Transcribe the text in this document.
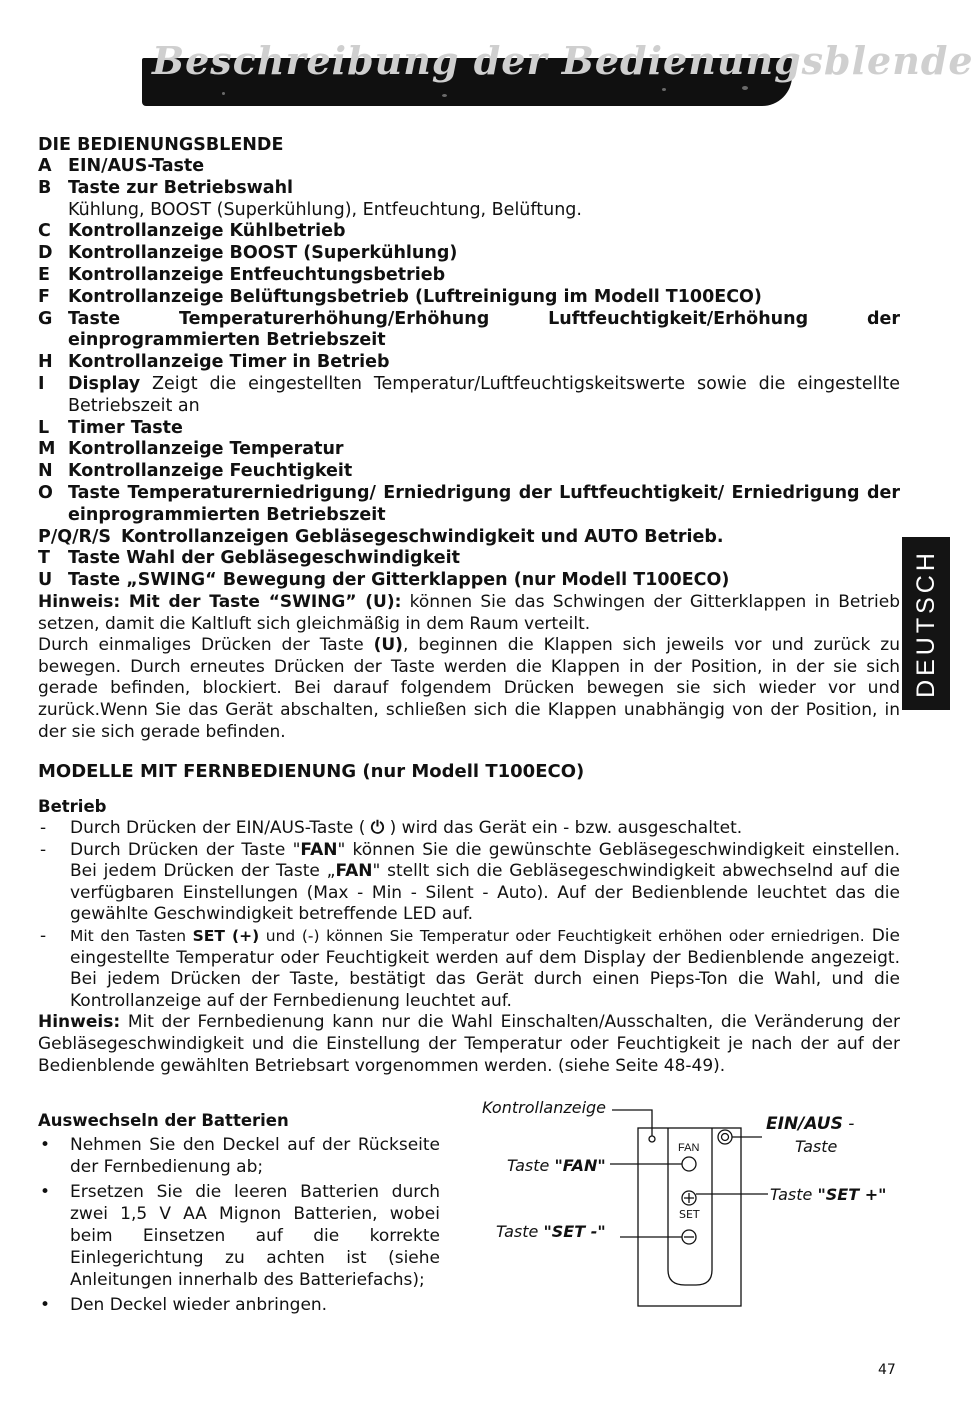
Beschreibung der Bedienungsblende
DEUTSCH

DIE BEDIENUNGSBLENDE

A EIN/AUS-Taste
B Taste zur Betriebswahl
Kühlung, BOOST (Superkühlung), Entfeuchtung, Belüftung.
C Kontrollanzeige Kühlbetrieb
D Kontrollanzeige BOOST (Superkühlung)
E	Kontrollanzeige Entfeuchtungsbetrieb
F	Kontrollanzeige Belüftungsbetrieb (Luftreinigung im Modell T100ECO)
G Taste Temperaturerhöhung/Erhöhung Luftfeuchtigkeit/Erhöhung der einprogrammierten Betriebszeit
H Kontrollanzeige Timer in Betrieb
I	Display Zeigt die eingestellten Temperatur/Luftfeuchtigskeitswerte sowie die eingestellte Betriebszeit an
L	Timer Taste
M Kontrollanzeige Temperatur
N Kontrollanzeige Feuchtigkeit
O Taste Temperaturerniedrigung/ Erniedrigung der Luftfeuchtigkeit/ Erniedrigung der einprogrammierten Betriebszeit
P/Q/R/S Kontrollanzeigen Gebläsegeschwindigkeit und AUTO Betrieb.
T	Taste Wahl der Gebläsegeschwindigkeit
U Taste „SWING“ Bewegung der Gitterklappen (nur Modell T100ECO)

Hinweis: Mit der Taste “SWING” (U): können Sie das Schwingen der Gitterklappen in Betrieb setzen, damit die Kaltluft sich gleichmäßig in dem Raum verteilt.

Durch einmaliges Drücken der Taste (U), beginnen die Klappen sich jeweils vor und zurück zu bewegen. Durch erneutes Drücken der Taste werden die Klappen in der Position, in der sie sich gerade befinden, blockiert. Bei darauf folgendem Drücken bewegen sie sich wieder vor und zurück.Wenn Sie das Gerät abschalten, schließen sich die Klappen unabhängig von der Position, in der sie sich gerade befinden.

MODELLE MIT FERNBEDIENUNG (nur Modell T100ECO)

Betrieb

-	Durch Drücken der EIN/AUS-Taste ( ⏻ ) wird das Gerät ein - bzw. ausgeschaltet.
-	Durch Drücken der Taste "FAN" können Sie die gewünschte Gebläsegeschwindigkeit einstellen. Bei jedem Drücken der Taste „FAN" stellt sich die Gebläsegeschwindigkeit abwechselnd auf die verfügbaren Einstellungen (Max - Min - Silent - Auto). Auf der Bedienblende leuchtet das die gewählte Geschwindigkeit betreffende LED auf.
-	Mit den Tasten SET (+) und (-) können Sie Temperatur oder Feuchtigkeit erhöhen oder erniedrigen. Die eingestellte Temperatur oder Feuchtigkeit werden auf dem Display der Bedienblende angezeigt. Bei jedem Drücken der Taste, bestätigt das Gerät durch einen Pieps-Ton die Wahl, und die Kontrollanzeige auf der Fernbedienung leuchtet auf.

Hinweis: Mit der Fernbedienung kann nur die Wahl Einschalten/Ausschalten, die Veränderung der Gebläsegeschwindigkeit und die Einstellung der Temperatur oder Feuchtigkeit je nach der auf der Bedienblende gewählten Betriebsart vorgenommen werden. (siehe Seite 48-49).

Auswechseln der Batterien

•	Nehmen Sie den Deckel auf der Rückseite der Fernbedienung ab;
•	Ersetzen Sie die leeren Batterien durch zwei 1,5 V AA Mignon Batterien, wobei beim Einsetzen auf die korrekte Einlegerichtung zu achten ist (siehe Anleitungen innerhalb des Batteriefachs);
•	Den Deckel wieder anbringen.
FAN
SET
Kontrollanzeige
EIN/AUS -
Taste
Taste "FAN"
Taste "SET +"
Taste "SET -"
47
